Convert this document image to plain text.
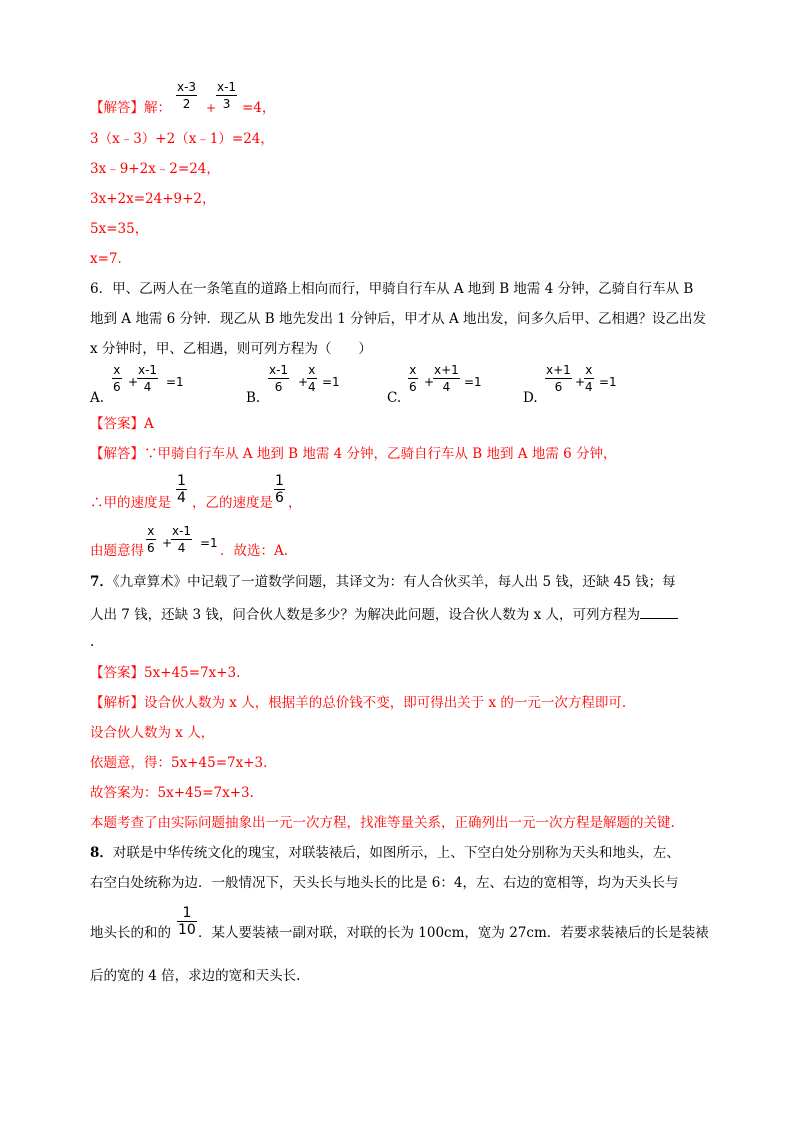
x-3
2 +
x-1
3
【解答】解：	=4，
3（x﹣3）+2（x﹣1）=24，
3x﹣9+2x﹣2=24，
3x+2x=24+9+2，
5x=35，
x=7．
6．甲、乙两人在一条笔直的道路上相向而行，甲骑自行车从 A 地到 B 地需 4 分钟，乙骑自行车从 B
地到 A 地需 6 分钟．现乙从 B 地先发出 1 分钟后，甲才从 A 地出发，问多久后甲、乙相遇？设乙出发
x 分钟时，甲、乙相遇，则可列方程为（　　）
A.
x
6 +
x-1
4 =1
B.
x-1
6 +
x
4 =1
C.
x
6 +
x+1
4 =1
D.
x+1
6 +
x
4 =1
【答案】A
【解答】∵甲骑自行车从 A 地到 B 地需 4 分钟，乙骑自行车从 B 地到 A 地需 6 分钟，
∴甲的速度是
1
4 ，乙的速度是
1
6 ，
由题意得
x
6 +
x-1
4 =1 ．故选：A.
7．《九章算术》中记载了一道数学问题，其译文为：有人合伙买羊，每人出 5 钱，还缺 45 钱；每
人出 7 钱，还缺 3 钱，问合伙人数是多少？为解决此问题，设合伙人数为 x 人，可列方程为
.
【答案】5x+45=7x+3.
【解析】设合伙人数为 x 人，根据羊的总价钱不变，即可得出关于 x 的一元一次方程即可.
设合伙人数为 x 人，
依题意，得：5x+45=7x+3.
故答案为：5x+45=7x+3.
本题考查了由实际问题抽象出一元一次方程，找准等量关系，正确列出一元一次方程是解题的关键.
8．对联是中华传统文化的瑰宝，对联装裱后，如图所示，上、下空白处分别称为天头和地头，左、
右空白处统称为边．一般情况下，天头长与地头长的比是 6：4，左、右边的宽相等，均为天头长与
地头长的和的
1
10 ．某人要装裱一副对联，对联的长为 100cm，宽为 27cm．若要求装裱后的长是装裱
后的宽的 4 倍，求边的宽和天头长.
